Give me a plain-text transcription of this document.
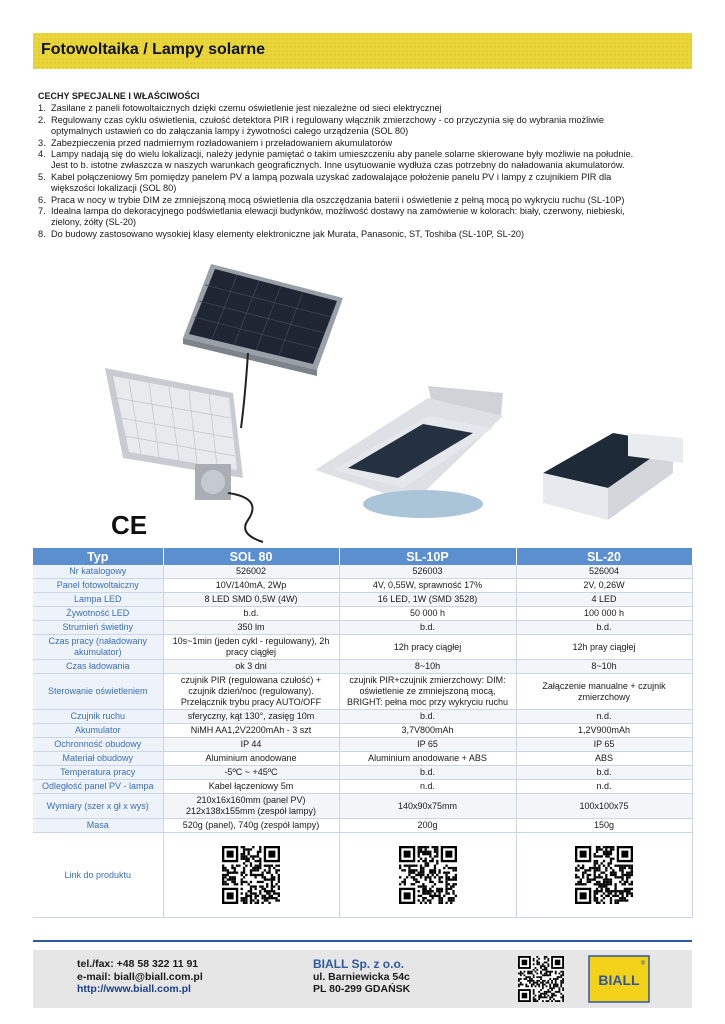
Fotowoltaika / Lampy solarne
CECHY SPECJALNE I WŁAŚCIWOŚCI
1. Zasilane z paneli fotowoltaicznych dzięki czemu oświetlenie jest niezależne od sieci elektrycznej
2. Regulowany czas cyklu oświetlenia, czułość detektora PIR i regulowany włącznik zmierzchowy - co przyczynia się do wybrania możliwie
optymalnych ustawień co do załączania lampy i żywotności całego urządzenia (SOL 80)
3. Zabezpieczenia przed nadmiernym rozładowaniem i przeładowaniem akumulatorów
4. Lampy nadają się do wielu lokalizacji, należy jedynie pamiętać o takim umieszczeniu aby panele solarne skierowane były możliwie na południe.
Jest to b. istotne zwłaszcza w naszych warunkach geograficznych. Inne usytuowanie wydłuża czas potrzebny do naładowania akumulatorów.
5. Kabel połączeniowy 5m pomiędzy panelem PV a lampą pozwala uzyskać zadowalające położenie panelu PV i lampy z czujnikiem PIR dla
większości lokalizacji (SOL 80)
6. Praca w nocy w trybie DIM ze zmniejszoną mocą oświetlenia dla oszczędzania baterii i oświetlenie z pełną mocą po wykryciu ruchu (SL-10P)
7. Idealna lampa do dekoracyjnego podświetlania elewacji budynków, możliwość dostawy na zamówienie w kolorach: biały, czerwony, niebieski,
zielony, żółty (SL-20)
8. Do budowy zastosowano wysokiej klasy elementy elektroniczne jak Murata, Panasonic, ST, Toshiba (SL-10P, SL-20)
CE
Typ	SOL 80	SL-10P	SL-20
Nr katalogowy	526002	526003	526004
Panel fotowoltaiczny	10V/140mA, 2Wp	4V, 0,55W, sprawność 17%	2V, 0,26W
Lampa LED	8 LED SMD 0,5W (4W)	16 LED, 1W (SMD 3528)	4 LED
Żywotność LED	b.d.	50 000 h	100 000 h
Strumień świetlny	350 lm	b.d.	b.d.
Czas pracy (naładowany akumulator)	10s~1min (jeden cykl - regulowany), 2h pracy ciągłej	12h pracy ciągłej	12h pray ciągłej
Czas ładowania	ok 3 dni	8~10h	8~10h
Sterowanie oświetleniem	czujnik PIR (regulowana czułość) + czujnik dzień/noc (regulowany). Przełącznik trybu pracy AUTO/OFF	czujnik PIR+czujnik zmierzchowy: DIM: oświetlenie ze zmniejszoną mocą, BRIGHT: pełna moc przy wykryciu ruchu	Załączenie manualne + czujnik zmierzchowy
Czujnik ruchu	sferyczny, kąt 130°, zasięg 10m	b.d.	n.d.
Akumulator	NiMH AA1,2V2200mAh - 3 szt	3,7V800mAh	1,2V900mAh
Ochronność obudowy	IP 44	IP 65	IP 65
Materiał obudowy	Aluminium anodowane	Aluminium anodowane + ABS	ABS
Temperatura pracy	-5ºC ~ +45ºC	b.d.	b.d.
Odległość panel PV - lampa	Kabel łączeniowy 5m	n.d.	n.d.
Wymiary (szer x gł x wys)	210x16x160mm (panel PV) 212x138x155mm (zespół lampy)	140x90x75mm	100x100x75
Masa	520g (panel), 740g (zespół lampy)	200g	150g
Link do produktu	

tel./fax: +48 58 322 11 91
e-mail: biall@biall.com.pl
http://www.biall.com.pl
BIALL Sp. z o.o.
ul. Barniewicka 54c
PL 80-299 GDAŃSK
BIALL
®
